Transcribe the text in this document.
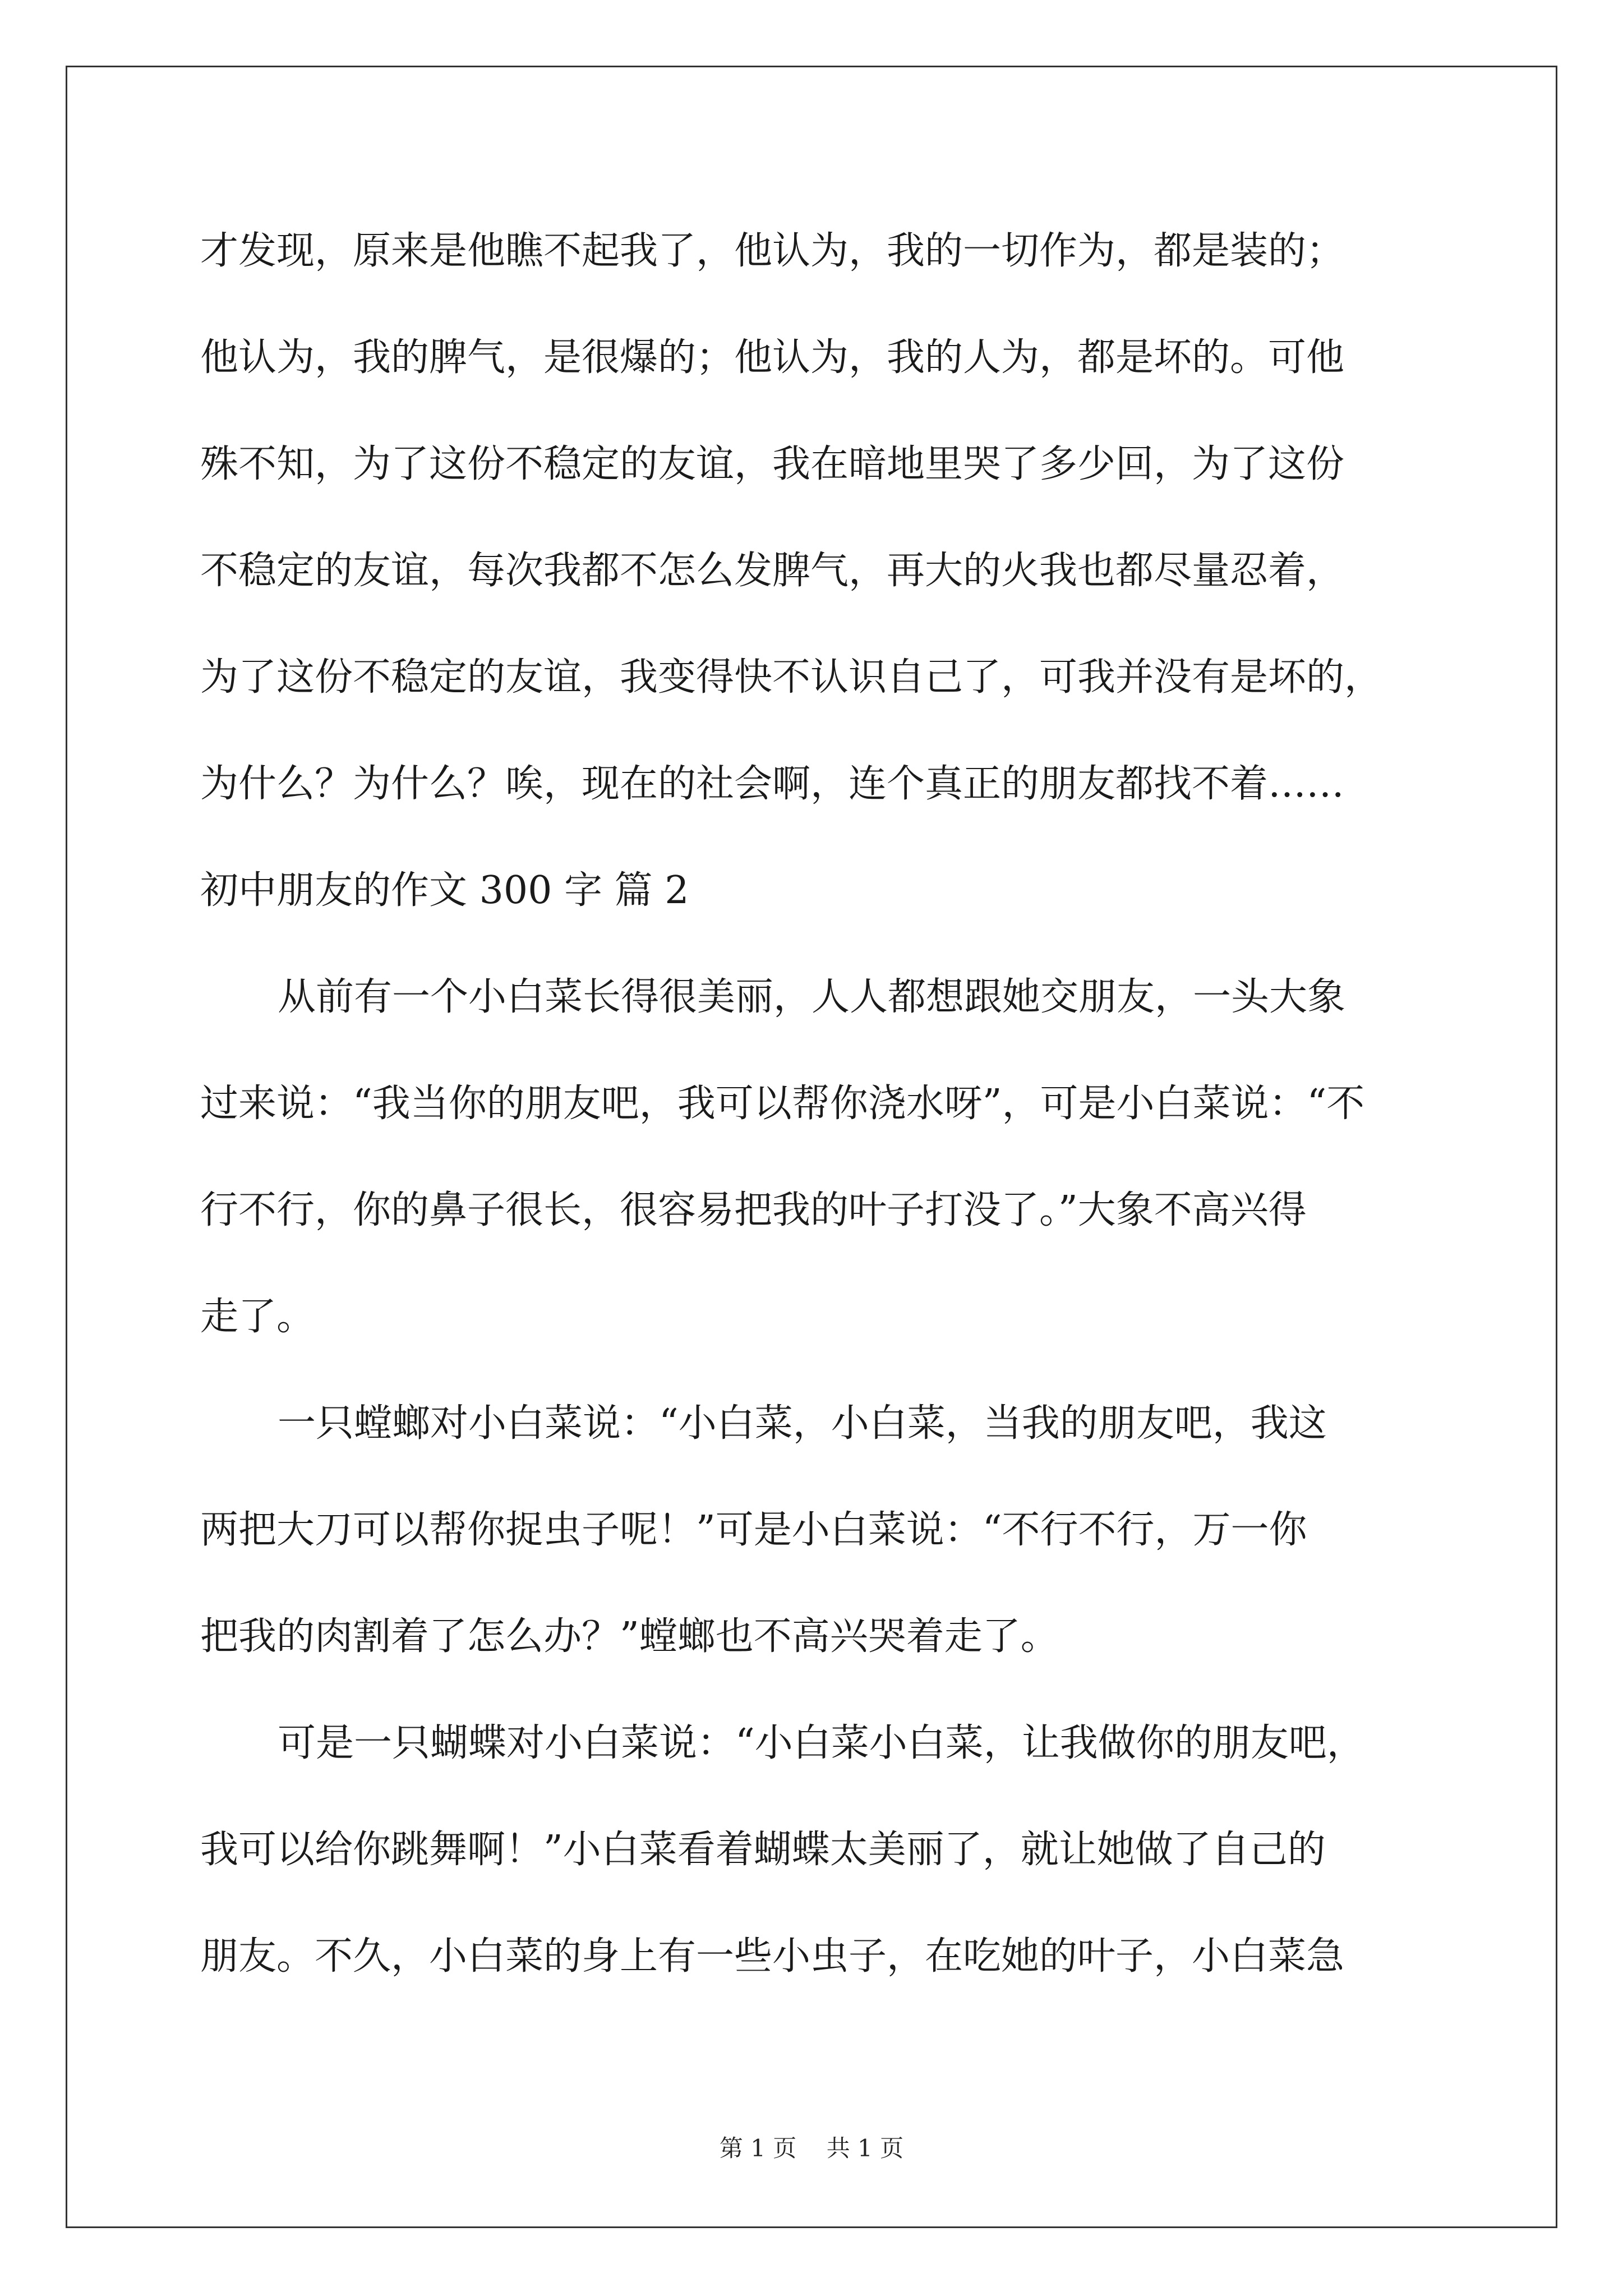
才发现，原来是他瞧不起我了，他认为，我的一切作为，都是装的；
他认为，我的脾气，是很爆的；他认为，我的人为，都是坏的。可他
殊不知，为了这份不稳定的友谊，我在暗地里哭了多少回，为了这份
不稳定的友谊，每次我都不怎么发脾气，再大的火我也都尽量忍着，
为了这份不稳定的友谊，我变得快不认识自己了，可我并没有是坏的，
为什么？为什么？唉，现在的社会啊，连个真正的朋友都找不着……
初中朋友的作文 300 字 篇 2
从前有一个小白菜长得很美丽，人人都想跟她交朋友，一头大象
过来说：“我当你的朋友吧，我可以帮你浇水呀”，可是小白菜说：“不
行不行，你的鼻子很长，很容易把我的叶子打没了。”大象不高兴得
走了。
一只螳螂对小白菜说：“小白菜，小白菜，当我的朋友吧，我这
两把大刀可以帮你捉虫子呢！”可是小白菜说：“不行不行，万一你
把我的肉割着了怎么办？”螳螂也不高兴哭着走了。
可是一只蝴蝶对小白菜说：“小白菜小白菜，让我做你的朋友吧，
我可以给你跳舞啊！”小白菜看着蝴蝶太美丽了，就让她做了自己的
朋友。不久，小白菜的身上有一些小虫子，在吃她的叶子，小白菜急
第 1 页    共 1 页
